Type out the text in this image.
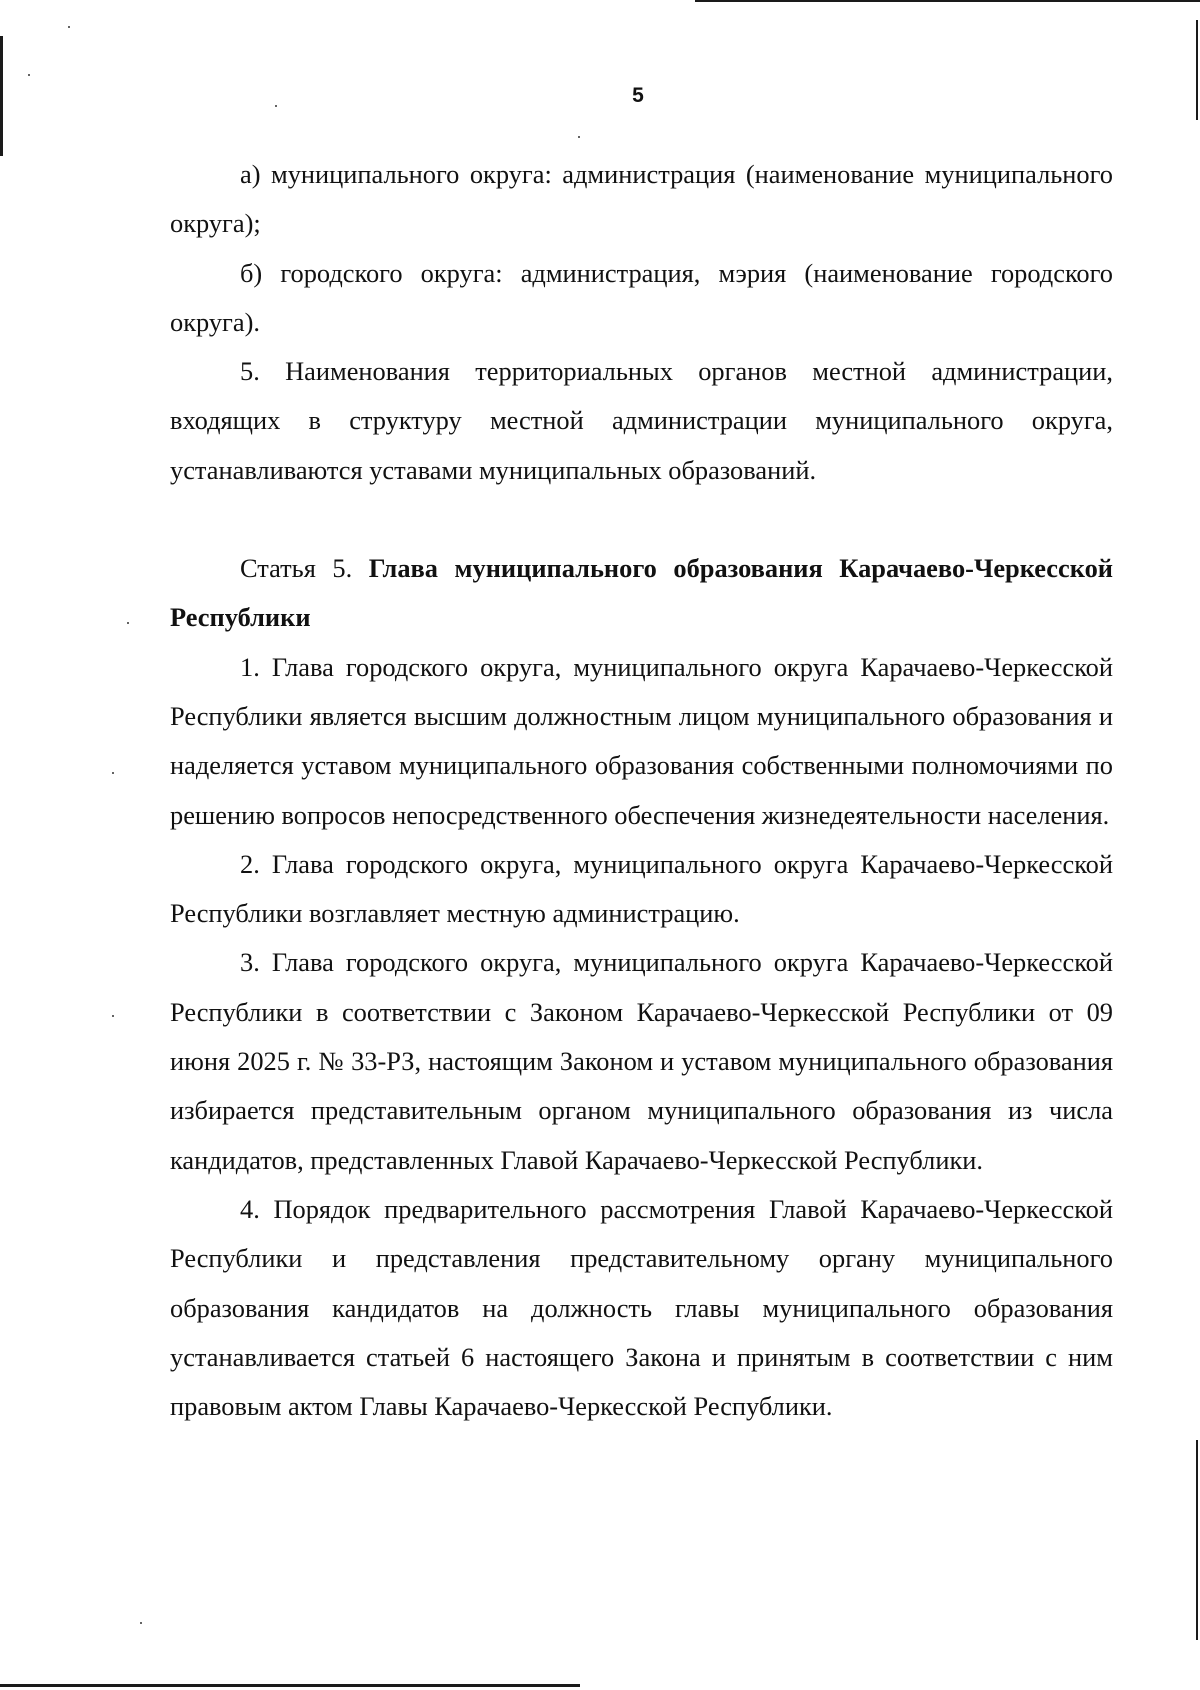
5

а) муниципального округа: администрация (наименование муниципального округа);

б) городского округа: администрация, мэрия (наименование городского округа).

5. Наименования территориальных органов местной администрации, входящих в структуру местной администрации муниципального округа, устанавливаются уставами муниципальных образований.

Статья 5. Глава муниципального образования Карачаево-Черкесской Республики

1. Глава городского округа, муниципального округа Карачаево-Черкесской Республики является высшим должностным лицом муниципального образования и наделяется уставом муниципального образования собственными полномочиями по решению вопросов непосредственного обеспечения жизнедеятельности населения.

2. Глава городского округа, муниципального округа Карачаево-Черкесской Республики возглавляет местную администрацию.

3. Глава городского округа, муниципального округа Карачаево-Черкесской Республики в соответствии с Законом Карачаево-Черкесской Республики от 09 июня 2025 г. № 33-РЗ, настоящим Законом и уставом муниципального образования избирается представительным органом муниципального образования из числа кандидатов, представленных Главой Карачаево-Черкесской Республики.

4. Порядок предварительного рассмотрения Главой Карачаево-Черкесской Республики и представления представительному органу муниципального образования кандидатов на должность главы муниципального образования устанавливается статьей 6 настоящего Закона и принятым в соответствии с ним правовым актом Главы Карачаево-Черкесской Республики.
